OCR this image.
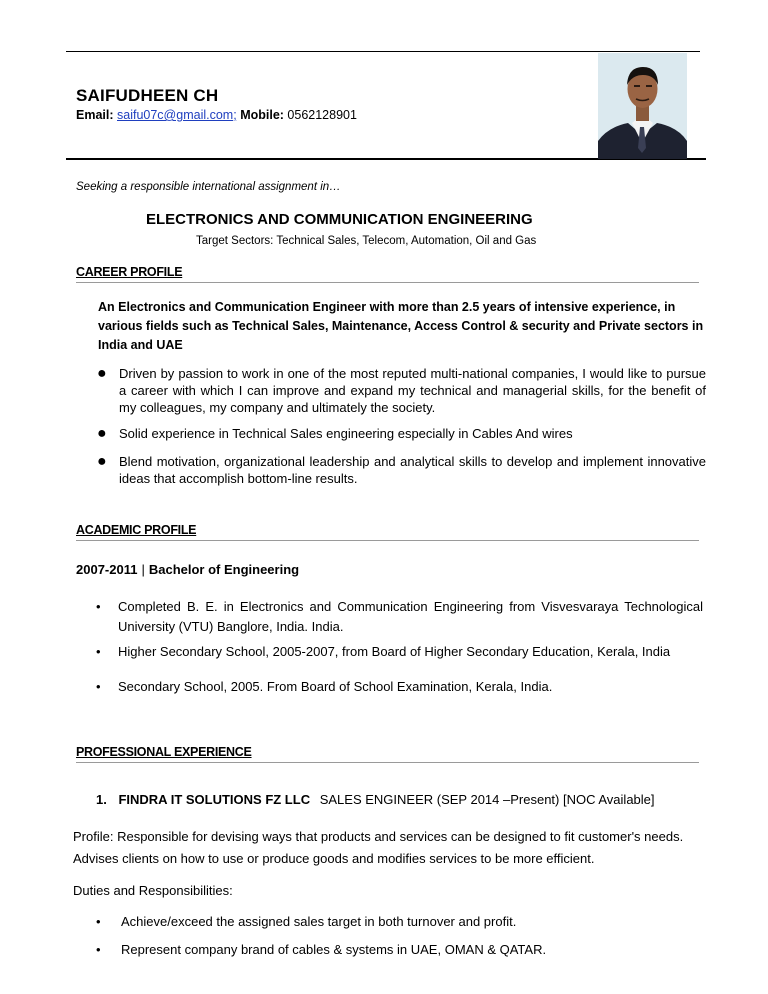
SAIFUDHEEN CH
Email: saifu07c@gmail.com; Mobile: 0562128901
Seeking a responsible international assignment in…
ELECTRONICS AND COMMUNICATION ENGINEERING
Target Sectors: Technical Sales, Telecom, Automation, Oil and Gas
CAREER PROFILE
An Electronics and Communication Engineer with more than 2.5 years of intensive experience, in various fields such as Technical Sales, Maintenance, Access Control & security and Private sectors in India and UAE
● Driven by passion to work in one of the most reputed multi-national companies, I would like to pursue a career with which I can improve and expand my technical and managerial skills, for the benefit of my colleagues, my company and ultimately the society.
● Solid experience in Technical Sales engineering especially in Cables And wires
● Blend motivation, organizational leadership and analytical skills to develop and implement innovative ideas that accomplish bottom-line results.
ACADEMIC PROFILE
2007-2011 | Bachelor of Engineering
• Completed B. E. in Electronics and Communication Engineering from Visvesvaraya Technological University (VTU) Banglore, India. India.
• Higher Secondary School, 2005-2007, from Board of Higher Secondary Education, Kerala, India
• Secondary School, 2005. From Board of School Examination, Kerala, India.
PROFESSIONAL EXPERIENCE
1. FINDRA IT SOLUTIONS FZ LLC SALES ENGINEER (SEP 2014 –Present) [NOC Available]
Profile: Responsible for devising ways that products and services can be designed to fit customer's needs. Advises clients on how to use or produce goods and modifies services to be more efficient.
Duties and Responsibilities:
• Achieve/exceed the assigned sales target in both turnover and profit.
• Represent company brand of cables & systems in UAE, OMAN & QATAR.
